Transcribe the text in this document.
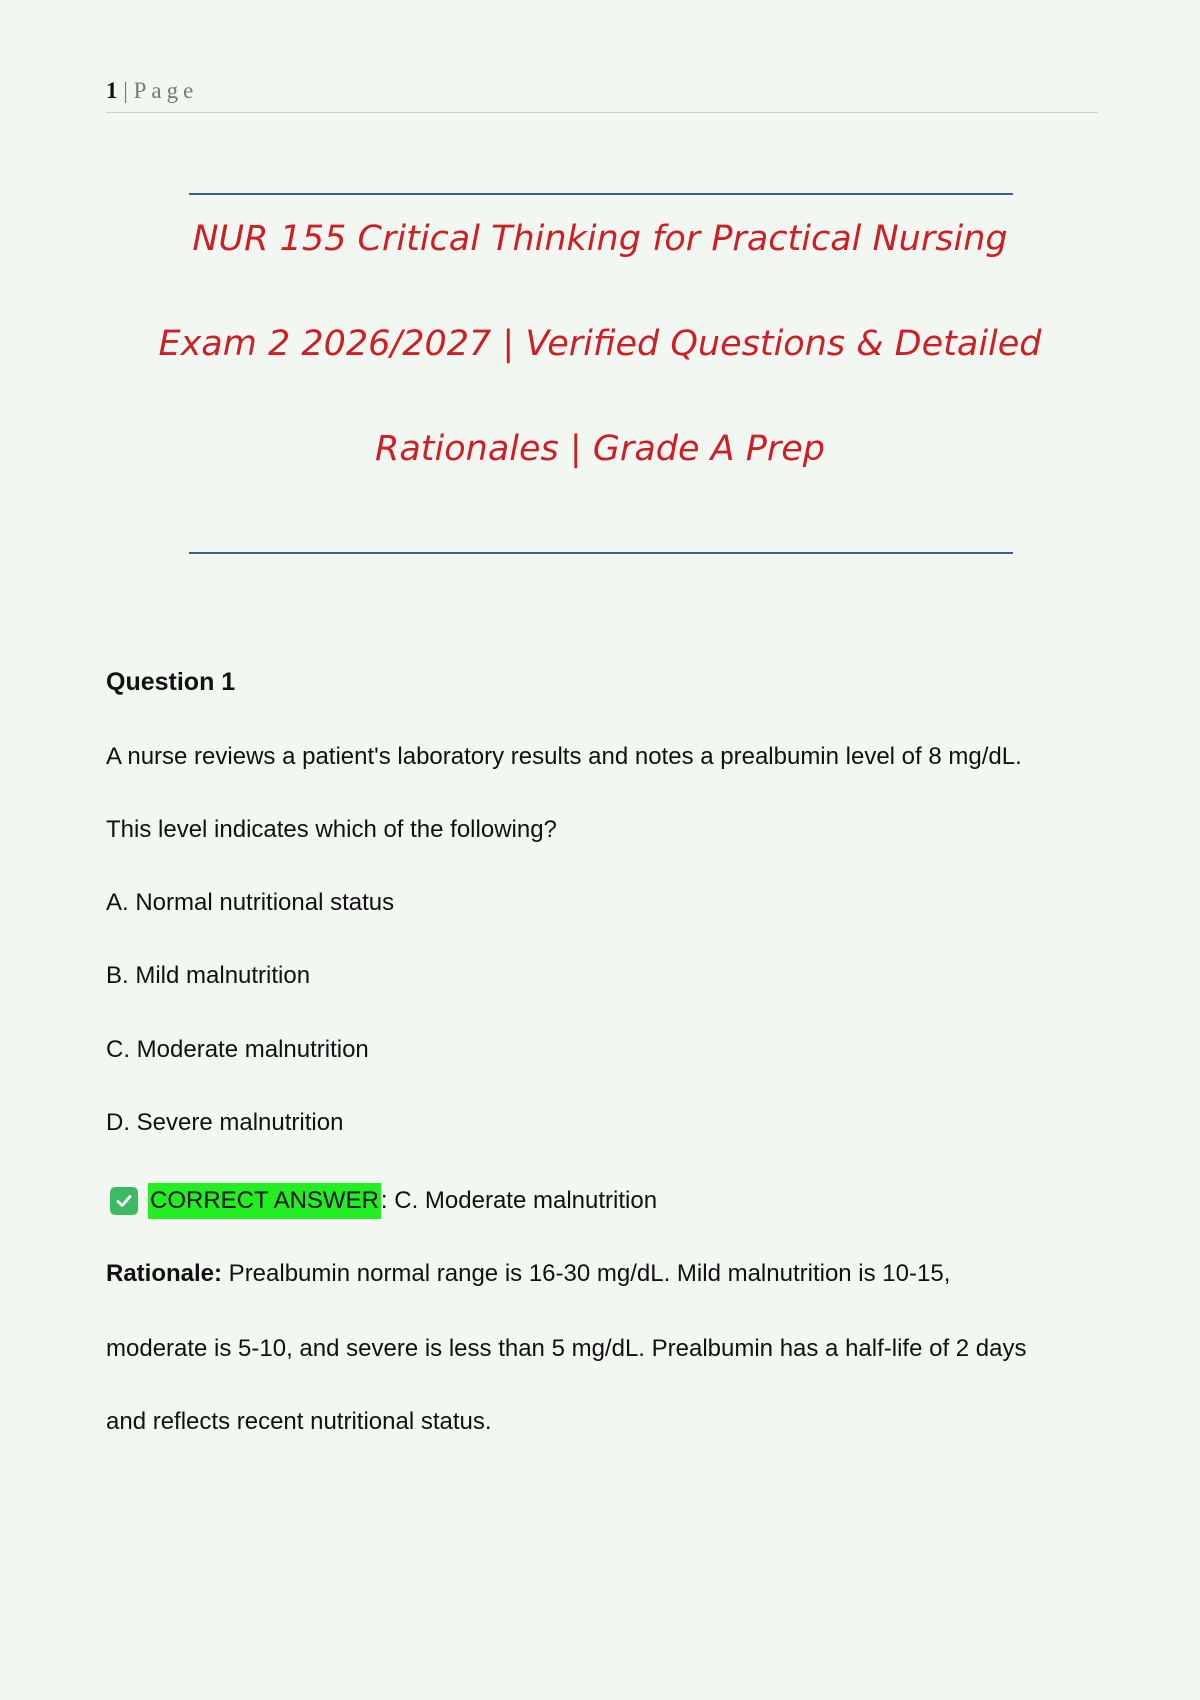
1 | Page
NUR 155 Critical Thinking for Practical Nursing
Exam 2 2026/2027 | Verified Questions & Detailed
Rationales | Grade A Prep
Question 1
A nurse reviews a patient's laboratory results and notes a prealbumin level of 8 mg/dL.
This level indicates which of the following?
A. Normal nutritional status
B. Mild malnutrition
C. Moderate malnutrition
D. Severe malnutrition
CORRECT ANSWER : C. Moderate malnutrition
Rationale: Prealbumin normal range is 16-30 mg/dL. Mild malnutrition is 10-15,
moderate is 5-10, and severe is less than 5 mg/dL. Prealbumin has a half-life of 2 days
and reflects recent nutritional status.
